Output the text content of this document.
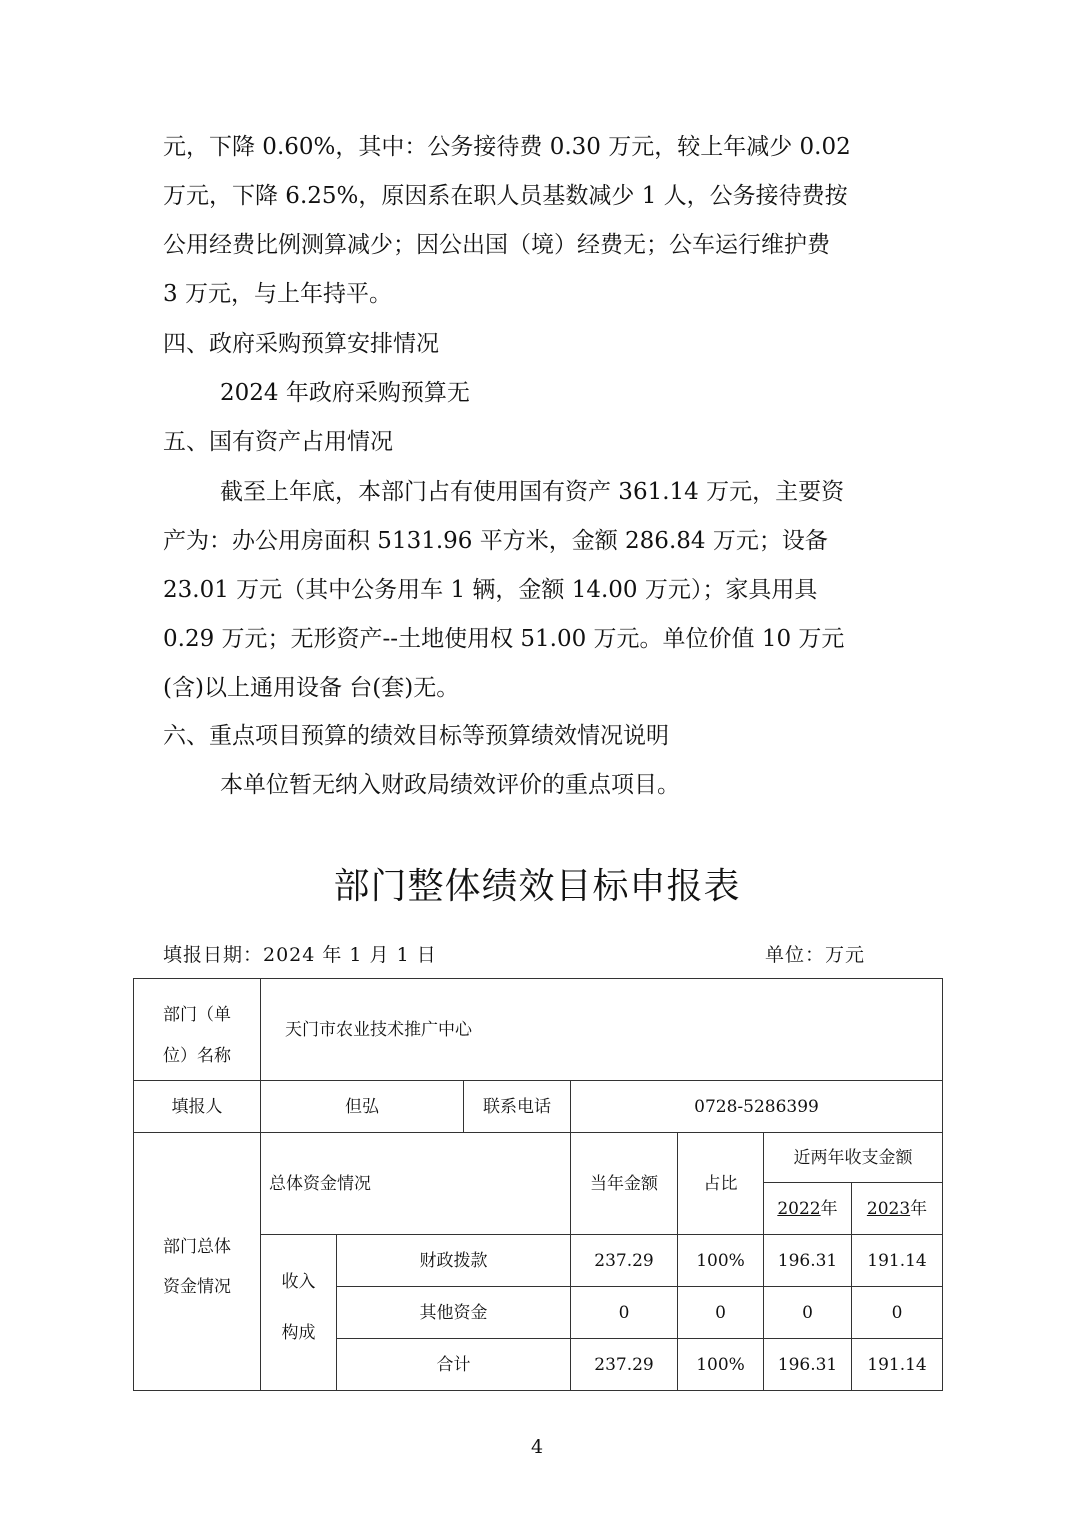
元，下降 0.60%，其中：公务接待费 0.30 万元，较上年减少 0.02
万元，下降 6.25%，原因系在职人员基数减少 1 人，公务接待费按
公用经费比例测算减少；因公出国（境）经费无；公车运行维护费
3 万元，与上年持平。
四、政府采购预算安排情况
2024 年政府采购预算无
五、国有资产占用情况
截至上年底，本部门占有使用国有资产 361.14 万元，主要资
产为：办公用房面积 5131.96 平方米，金额 286.84 万元；设备
23.01 万元（其中公务用车 1 辆，金额 14.00 万元）；家具用具
0.29 万元；无形资产--土地使用权 51.00 万元。单位价值 10 万元
(含)以上通用设备 台(套)无。
六、重点项目预算的绩效目标等预算绩效情况说明
本单位暂无纳入财政局绩效评价的重点项目。
部门整体绩效目标申报表
填报日期：2024 年 1 月 1 日	单位：万元
部门（单
位）名称	天门市农业技术推广中心						
填报人	但弘		联系电话	0728-5286399			

部门总体
资金情况	总体资金情况			当年金额	占比	近两年收支金额	
						2022年	2023年

	收入
构成	财政拨款		237.29	100%	196.31	191.14
		其他资金		0	0	0	0
		合计		237.29	100%	196.31	191.14
4
